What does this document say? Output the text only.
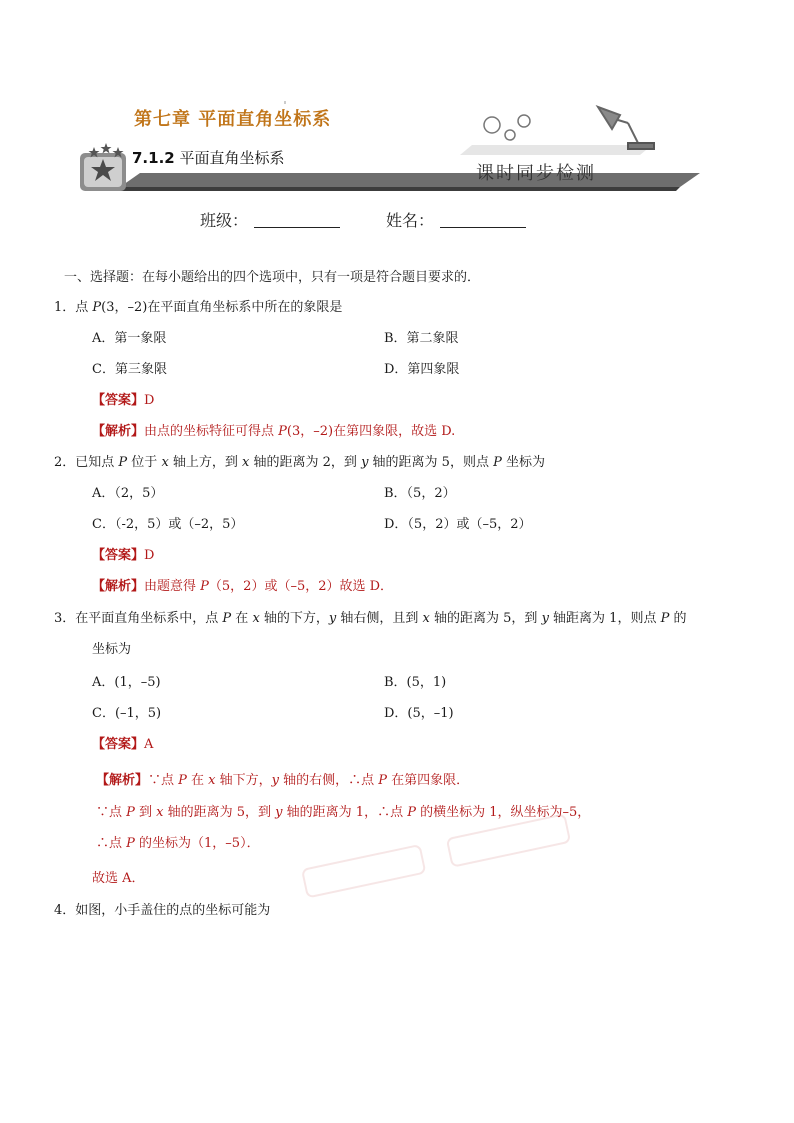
第七章 平面直角坐标系
7.1.2 平面直角坐标系
课时同步检测
班级：	姓名：
一、选择题：在每小题给出的四个选项中，只有一项是符合题目要求的．
1．点 P(3，–2)在平面直角坐标系中所在的象限是
A．第一象限	B．第二象限
C．第三象限	D．第四象限
【答案】D
【解析】由点的坐标特征可得点 P(3，–2)在第四象限，故选 D.
2．已知点 P 位于 x 轴上方，到 x 轴的距离为 2，到 y 轴的距离为 5，则点 P 坐标为
A．（2，5）	B．（5，2）
C．（-2，5）或（–2，5）	D．（5，2）或（–5，2）
【答案】D
【解析】由题意得 P（5，2）或（–5，2）故选 D．
3．在平面直角坐标系中，点 P 在 x 轴的下方，y 轴右侧，且到 x 轴的距离为 5，到 y 轴距离为 1，则点 P 的
坐标为
A．(1，–5)	B．(5，1)
C．(–1，5)	D．(5，–1)
【答案】A
【解析】∵点 P 在 x 轴下方，y 轴的右侧，∴点 P 在第四象限．
∵点 P 到 x 轴的距离为 5，到 y 轴的距离为 1，∴点 P 的横坐标为 1，纵坐标为–5，
∴点 P 的坐标为（1，–5）．
故选 A．
4．如图，小手盖住的点的坐标可能为
